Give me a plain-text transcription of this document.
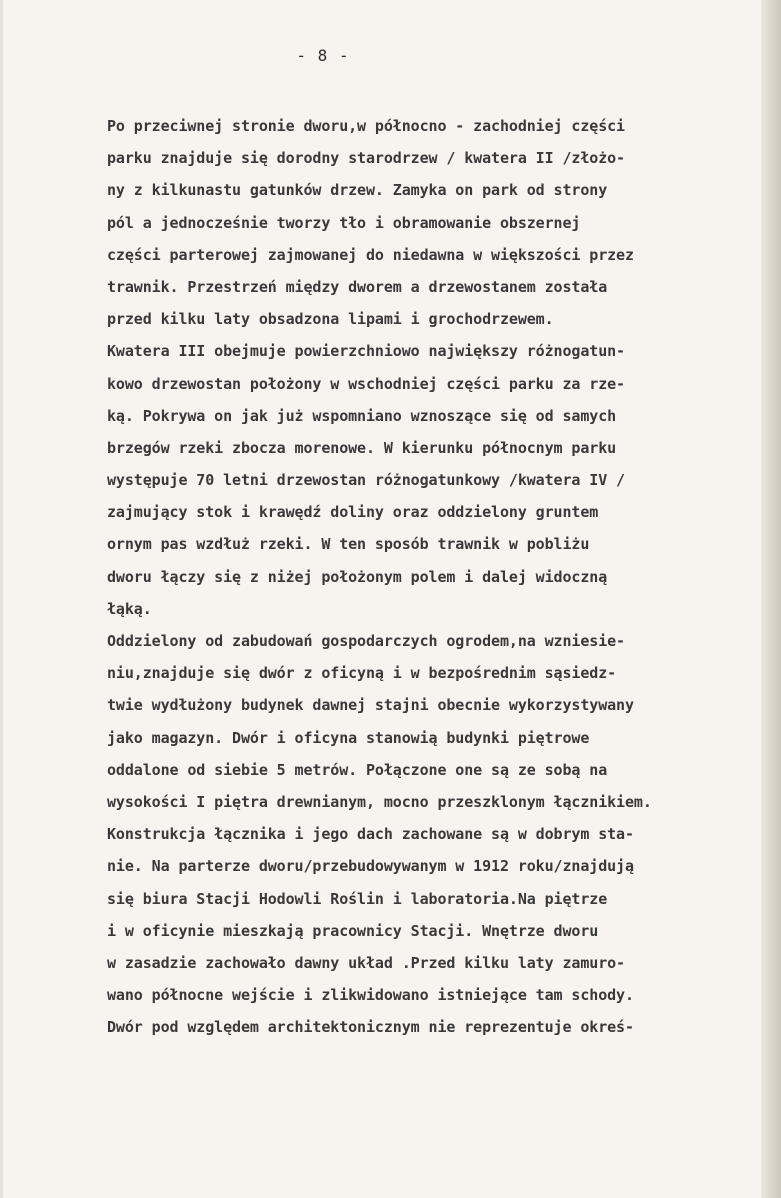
- 8 -
Po przeciwnej stronie dworu,w północno - zachodniej części
parku znajduje się dorodny starodrzew / kwatera II /złożo-
ny z kilkunastu gatunków drzew. Zamyka on park od strony
pól a jednocześnie tworzy tło i obramowanie obszernej
części parterowej zajmowanej do niedawna w większości przez
trawnik. Przestrzeń między dworem a drzewostanem została
przed kilku laty obsadzona lipami i grochodrzewem.
Kwatera III obejmuje powierzchniowo największy różnogatun-
kowo drzewostan położony w wschodniej części parku za rze-
ką. Pokrywa on jak już wspomniano wznoszące się od samych
brzegów rzeki zbocza morenowe. W kierunku północnym parku
występuje 70 letni drzewostan różnogatunkowy /kwatera IV /
zajmujący stok i krawędź doliny oraz oddzielony gruntem
ornym pas wzdłuż rzeki. W ten sposób trawnik w pobliżu
dworu łączy się z niżej położonym polem i dalej widoczną
łąką.
Oddzielony od zabudowań gospodarczych ogrodem,na wzniesie-
niu,znajduje się dwór z oficyną i w bezpośrednim sąsiedz-
twie wydłużony budynek dawnej stajni obecnie wykorzystywany
jako magazyn. Dwór i oficyna stanowią budynki piętrowe
oddalone od siebie 5 metrów. Połączone one są ze sobą na
wysokości I piętra drewnianym, mocno przeszklonym łącznikiem.
Konstrukcja łącznika i jego dach zachowane są w dobrym sta-
nie. Na parterze dworu/przebudowywanym w 1912 roku/znajdują
się biura Stacji Hodowli Roślin i laboratoria.Na piętrze
i w oficynie mieszkają pracownicy Stacji. Wnętrze dworu
w zasadzie zachowało dawny układ .Przed kilku laty zamuro-
wano północne wejście i zlikwidowano istniejące tam schody.
Dwór pod względem architektonicznym nie reprezentuje okreś-
